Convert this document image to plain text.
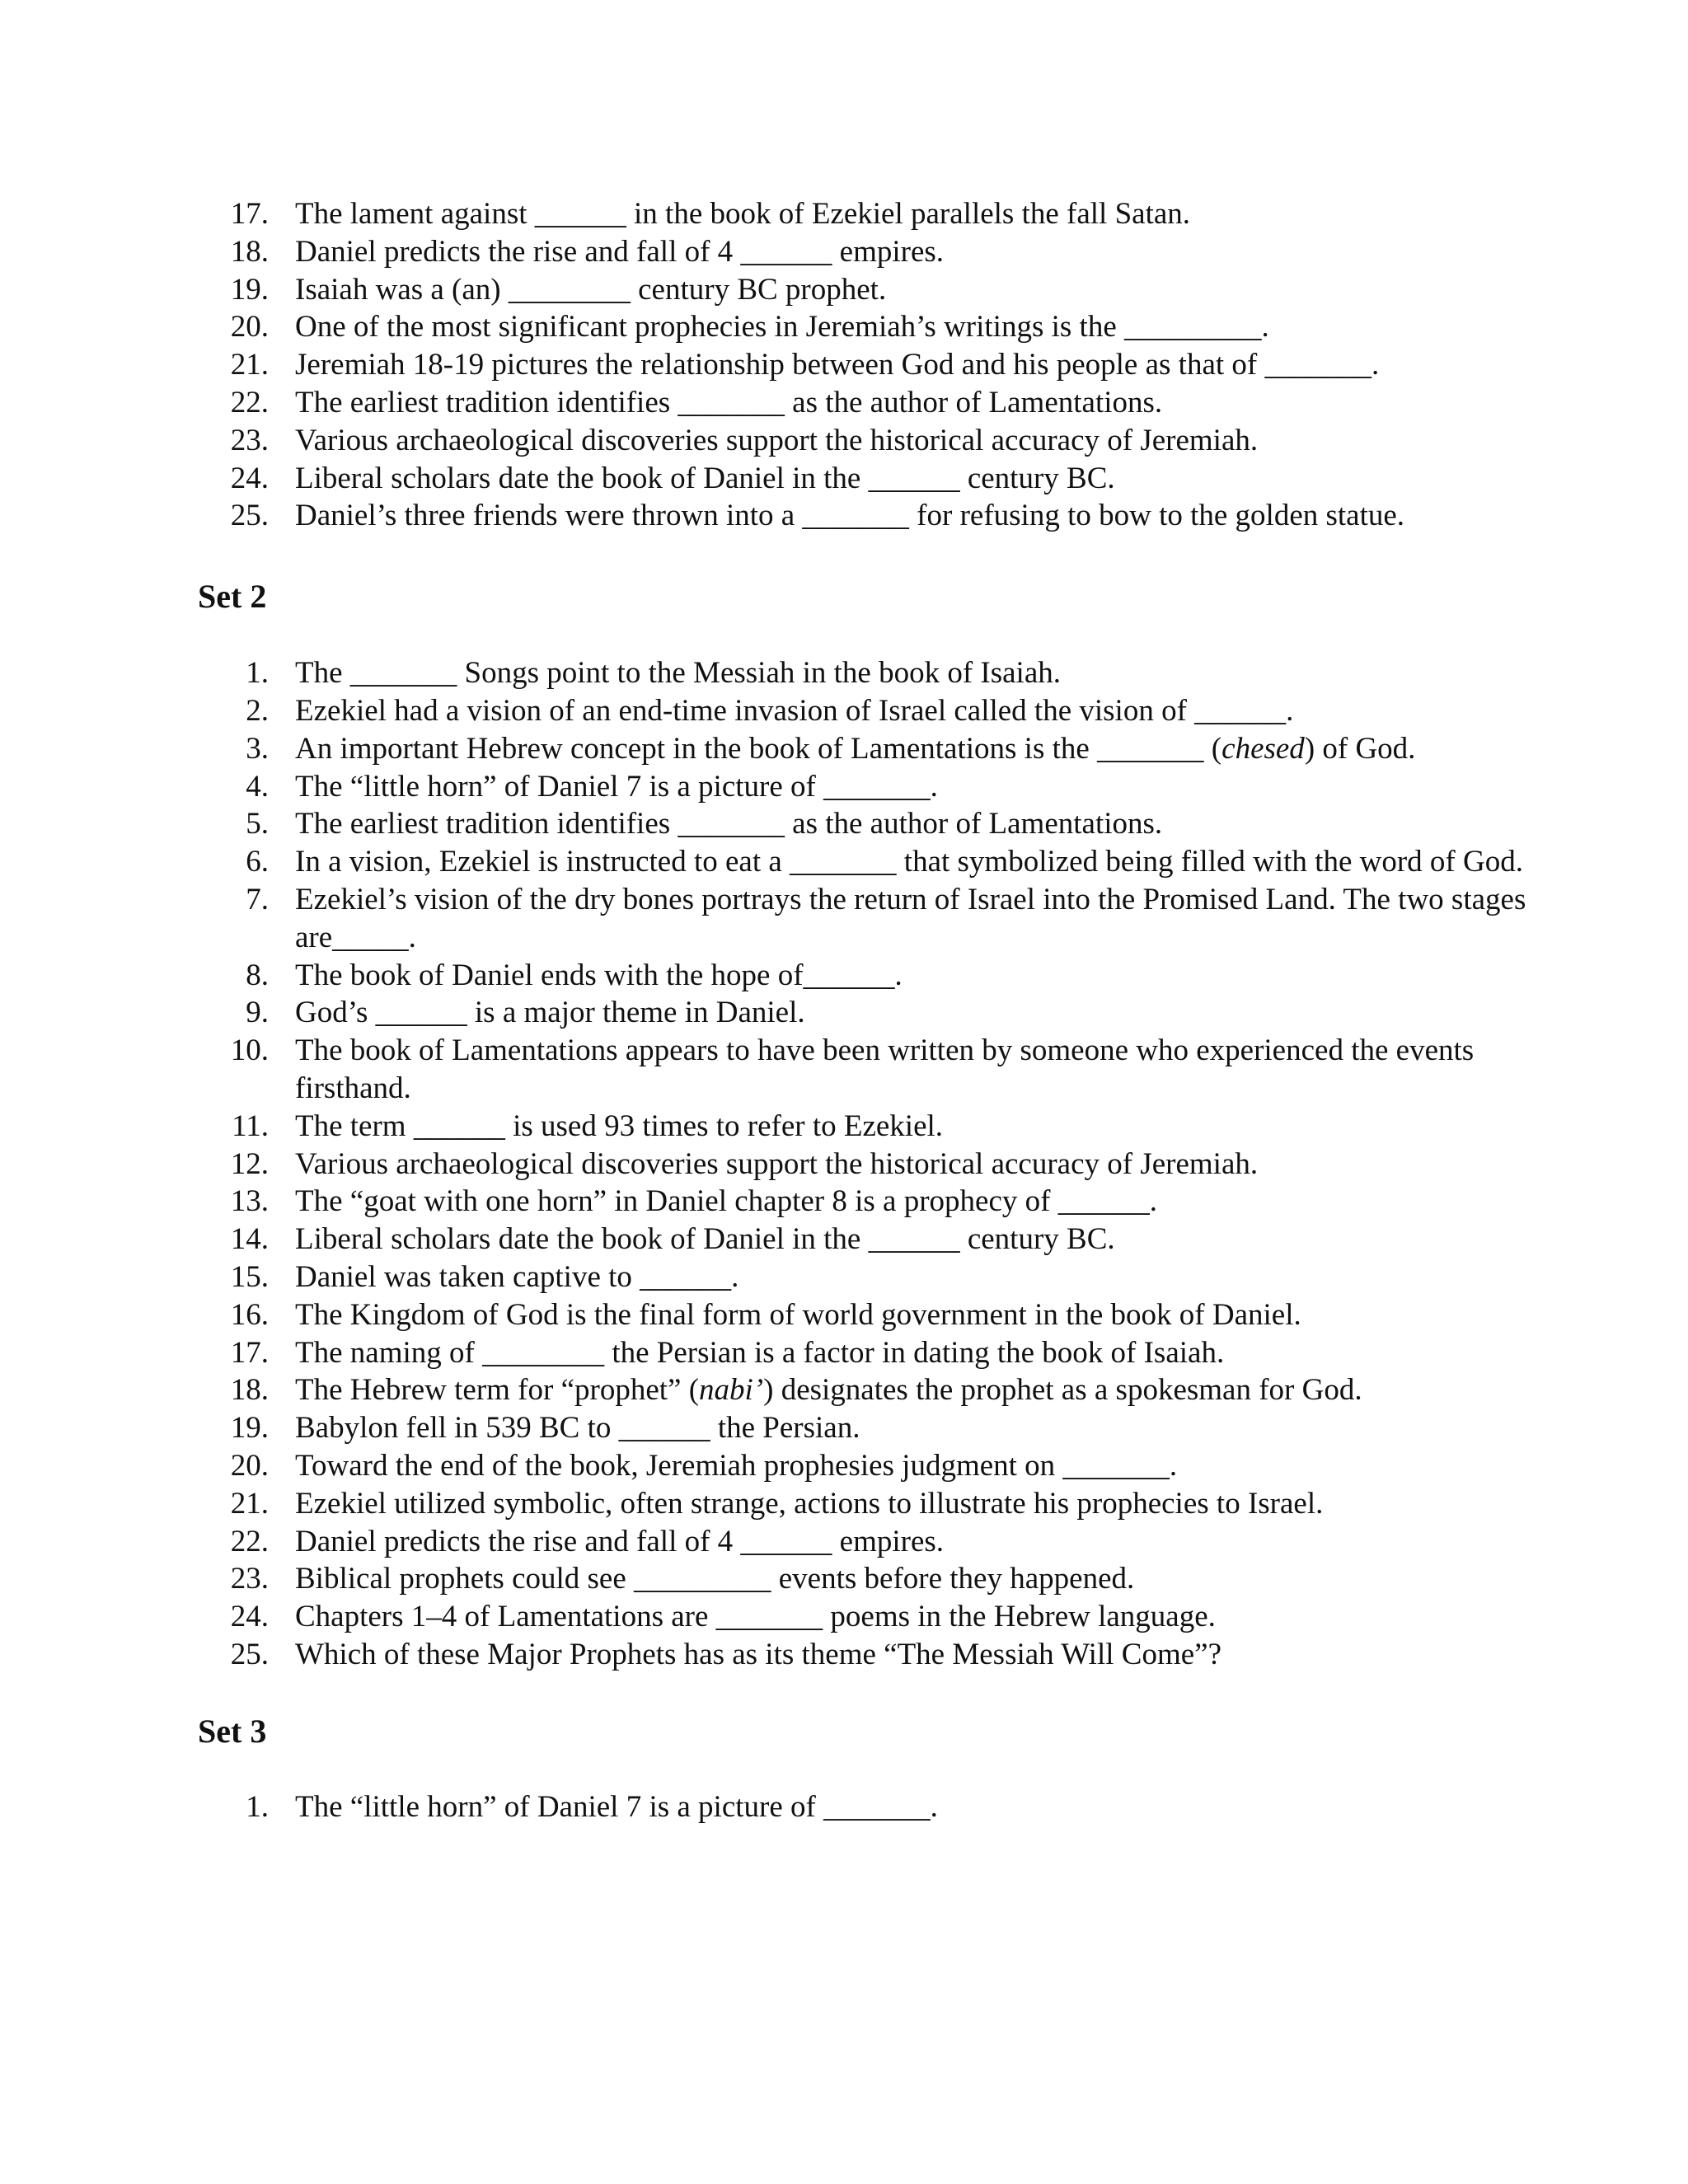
17. The lament against ______ in the book of Ezekiel parallels the fall Satan.
18. Daniel predicts the rise and fall of 4 ______ empires.
19. Isaiah was a (an) ________ century BC prophet.
20. One of the most significant prophecies in Jeremiah’s writings is the _________.
21. Jeremiah 18-19 pictures the relationship between God and his people as that of _______.
22. The earliest tradition identifies _______ as the author of Lamentations.
23. Various archaeological discoveries support the historical accuracy of Jeremiah.
24. Liberal scholars date the book of Daniel in the ______ century BC.
25. Daniel’s three friends were thrown into a _______ for refusing to bow to the golden statue.
Set 2
1. The _______ Songs point to the Messiah in the book of Isaiah.
2. Ezekiel had a vision of an end-time invasion of Israel called the vision of ______.
3. An important Hebrew concept in the book of Lamentations is the _______ (chesed) of God.
4. The “little horn” of Daniel 7 is a picture of _______.
5. The earliest tradition identifies _______ as the author of Lamentations.
6. In a vision, Ezekiel is instructed to eat a _______ that symbolized being filled with the word of God.
7. Ezekiel’s vision of the dry bones portrays the return of Israel into the Promised Land. The two stages are_____.
8. The book of Daniel ends with the hope of______.
9. God’s ______ is a major theme in Daniel.
10. The book of Lamentations appears to have been written by someone who experienced the events firsthand.
11. The term ______ is used 93 times to refer to Ezekiel.
12. Various archaeological discoveries support the historical accuracy of Jeremiah.
13. The “goat with one horn” in Daniel chapter 8 is a prophecy of ______.
14. Liberal scholars date the book of Daniel in the ______ century BC.
15. Daniel was taken captive to ______.
16. The Kingdom of God is the final form of world government in the book of Daniel.
17. The naming of ________ the Persian is a factor in dating the book of Isaiah.
18. The Hebrew term for “prophet” (nabi’) designates the prophet as a spokesman for God.
19. Babylon fell in 539 BC to ______ the Persian.
20. Toward the end of the book, Jeremiah prophesies judgment on _______.
21. Ezekiel utilized symbolic, often strange, actions to illustrate his prophecies to Israel.
22. Daniel predicts the rise and fall of 4 ______ empires.
23. Biblical prophets could see _________ events before they happened.
24. Chapters 1–4 of Lamentations are _______ poems in the Hebrew language.
25. Which of these Major Prophets has as its theme “The Messiah Will Come”?
Set 3
1. The “little horn” of Daniel 7 is a picture of _______.
